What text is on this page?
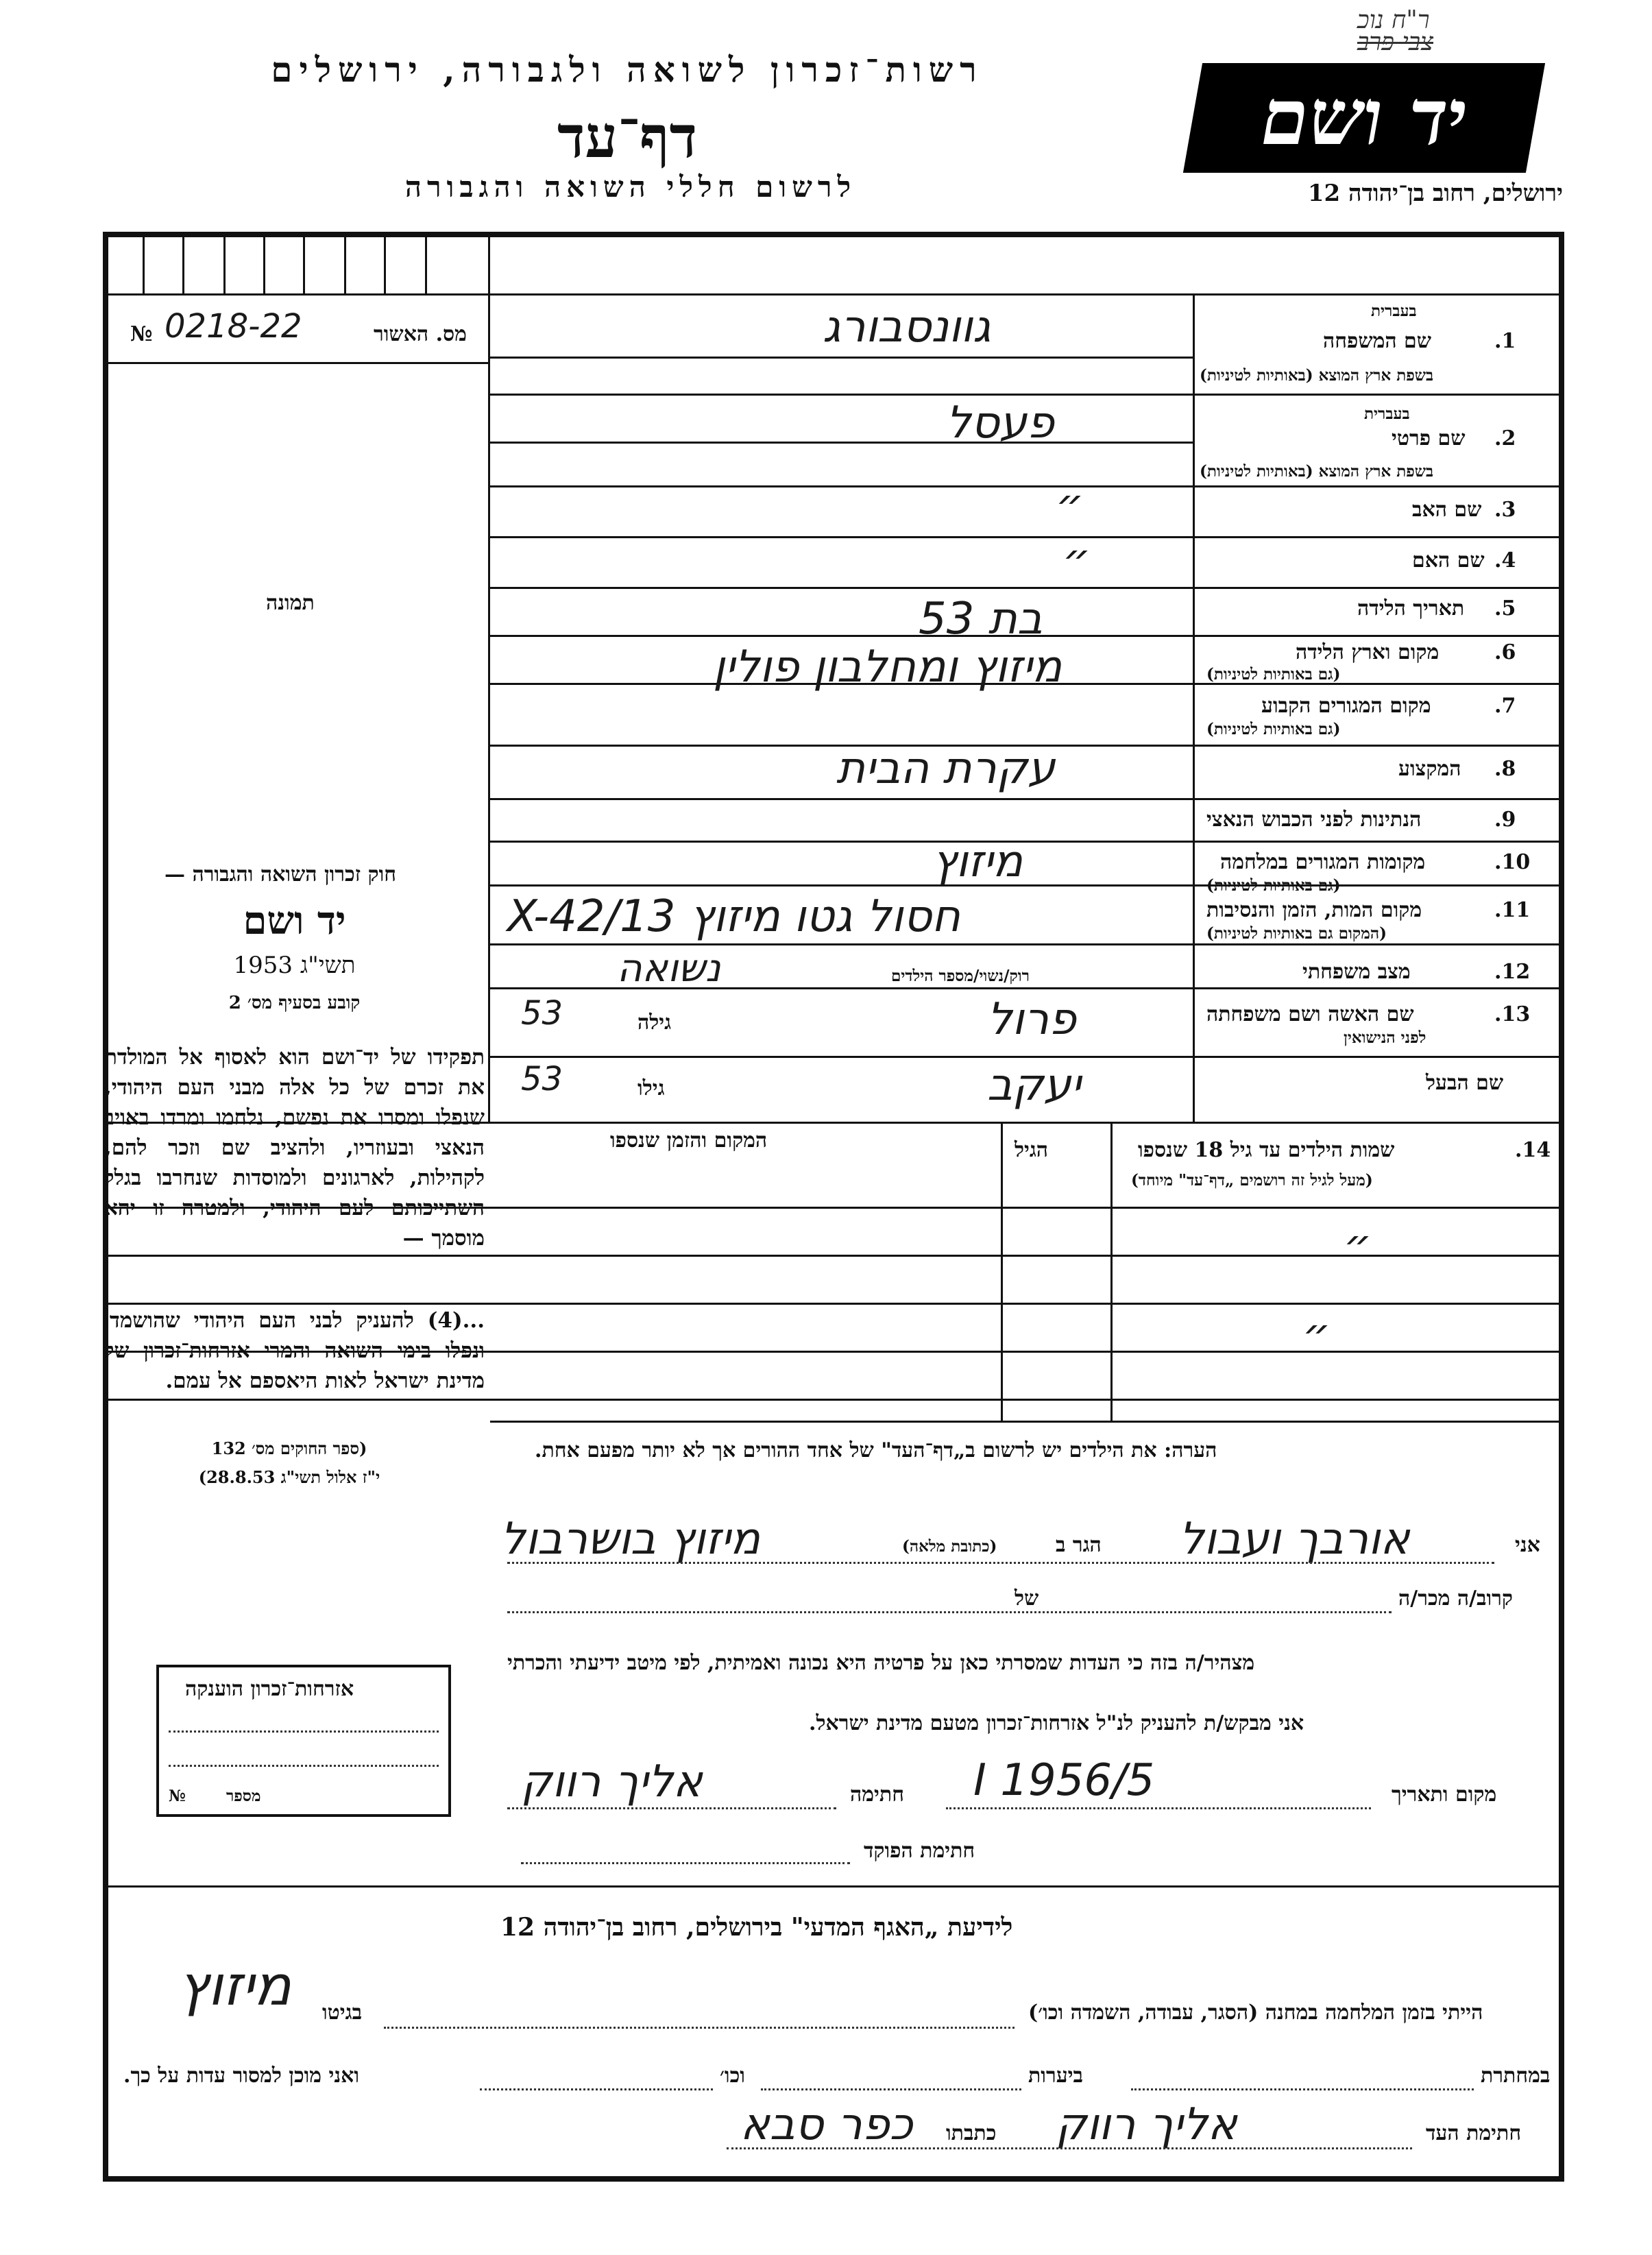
ר"ח נוכ
צבי פרב
רשות־זכרון לשואה ולגבורה, ירושלים
דף־עד
לרשום חללי השואה והגבורה
יד ושם
ירושלים, רחוב בן־יהודה 12
מס. האשור
№ 0218-22
תמונה
1.
שם המשפחה
בעברית
בשפת ארץ המוצא (באותיות לטיניות)
גוונסבורג
2.
שם פרטי
בעברית
בשפת ארץ המוצא (באותיות לטיניות)
פעסל
3.
שם האב
״
4.
שם האם
״
5.
תאריך הלידה
בת 53
6.
מקום וארץ הלידה
(גם באותיות לטיניות)
מיזוץ ומחלבון פולין
7.
מקום המגורים הקבוע
(גם באותיות לטיניות)
8.
המקצוע
עקרת הבית
9.
הנתינות לפני הכבוש הנאצי
10.
מקומות המגורים במלחמה
(גם באותיות לטיניות)
מיזוץ
11.
מקום המות, הזמן והנסיבות
(המקום גם באותיות לטיניות)
חסול גטו מיזוץ 13/X-42
12.
מצב משפחתי
רוק/נשוי/מספר הילדים
נשואה
13.
שם האשה ושם משפחתה
לפני הנישואין
פרול
גילה
53
שם הבעל
יעקב
גילו
53
14.
שמות הילדים עד גיל 18 שנספו
(מעל לגיל זה רושמים „דף־עד" מיוחד)
הגיל
המקום והזמן שנספו
״
״
חוק זכרון השואה והגבורה —
יד ושם
תשי"ג 1953
קובע בסעיף מס׳ 2
תפקידו של יד־ושם הוא לאסוף אל המולדת את זכרם של כל אלה מבני העם היהודי, שנפלו ומסרו את נפשם, נלחמו ומרדו באויב הנאצי ובעוזריו, ולהציב שם וזכר להם, לקהילות, לארגונים ולמוסדות שנחרבו בגלל השתייכותם לעם היהודי, ולמטרה זו יהא מוסמך —
...(4) להעניק לבני העם היהודי שהושמדו ונפלו בימי השואה והמרי אזרחות־זכרון של מדינת ישראל לאות היאספם אל עמם.
(ספר החוקים מס׳ 132
י"ז אלול תשי"ג 28.8.53)
הערה: את הילדים יש לרשום ב„דף־העד" של אחד ההורים אך לא יותר מפעם אחת.
אני
אורבך ועבול
הגר ב
(כתובת מלאה)
מיזוץ בושרבול
קרוב/ה מכר/ה
של
מצהיר/ה בזה כי העדות שמסרתי כאן על פרטיה היא נכונה ואמיתית, לפי מיטב ידיעתי והכרתי
אני מבקש/ת להעניק לנ"ל אזרחות־זכרון מטעם מדינת ישראל.
מקום ותאריך
5/I 1956
חתימה
אליך רווק
חתימת הפוקד
אזרחות־זכרון הוענקה
מספר
№
לידיעת „האגף המדעי" בירושלים, רחוב בן־יהודה 12
הייתי בזמן המלחמה במחנה (הסגר, עבודה, השמדה וכו׳)
בגיטו
מיזוץ
במחתרת
ביערות
וכו׳
ואני מוכן למסור עדות על כך.
חתימת העד
אליך רווק
כתבתו
כפר סבא
